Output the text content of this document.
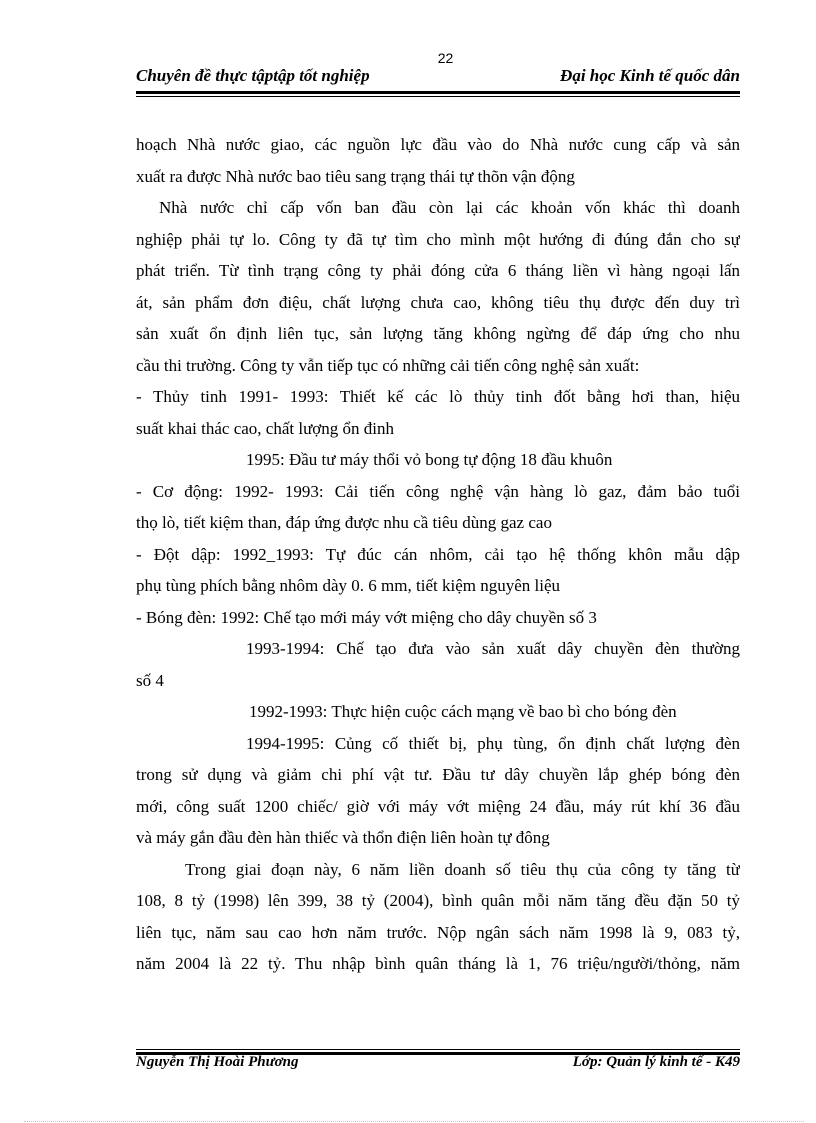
22
Chuyên đề thực tậptập tốt nghiệp	Đại học Kinh tế quốc dân
hoạch Nhà nước giao, các nguồn lực đầu vào do Nhà nước cung cấp và sản
xuất ra được Nhà nước bao tiêu sang trạng thái tự thõn vận động
Nhà nước chỉ cấp vốn ban đầu còn lại các khoản vốn khác thì doanh
nghiệp phải tự lo. Công ty đã tự tìm cho mình một hướng đi đúng đắn cho sự
phát triển. Từ tình trạng công ty phải đóng cửa 6 tháng liền vì hàng ngoại lấn
át, sản phẩm đơn điệu, chất lượng chưa cao, không tiêu thụ được đến duy trì
sản xuất ổn định liên tục, sản lượng tăng không ngừng để đáp ứng cho nhu
cầu thi trường. Công ty vẫn tiếp tục có những cải tiến công nghệ sản xuất:
- Thủy tinh 1991- 1993: Thiết kế các lò thủy tinh đốt bằng hơi than, hiệu
suất khai thác cao, chất lượng ổn đinh
1995: Đầu tư máy thổi vỏ bong tự động 18 đầu khuôn
- Cơ động: 1992- 1993: Cải tiến công nghệ vận hàng lò gaz, đảm bảo tuổi
thọ lò, tiết kiệm than, đáp ứng được nhu cầ tiêu dùng gaz cao
- Đột dập: 1992_1993: Tự đúc cán nhôm, cải tạo hệ thống khôn mẫu dập
phụ tùng phích bằng nhôm dày 0. 6 mm, tiết kiệm nguyên liệu
- Bóng đèn: 1992: Chế tạo mới máy vớt miệng cho dây chuyền số 3
1993-1994: Chế tạo đưa vào sản xuất dây chuyền đèn thường
số 4
1992-1993: Thực hiện cuộc cách mạng về bao bì cho bóng đèn
1994-1995: Củng cố thiết bị, phụ tùng, ổn định chất lượng đèn
trong sử dụng và giảm chi phí vật tư. Đầu tư dây chuyền lắp ghép bóng đèn
mới, công suất 1200 chiếc/ giờ với máy vớt miệng 24 đầu, máy rút khí 36 đầu
và máy gắn đầu đèn hàn thiếc và thổn điện liên hoàn tự đông
Trong giai đoạn này, 6 năm liền doanh số tiêu thụ của công ty tăng từ
108, 8 tỷ (1998) lên 399, 38 tỷ (2004), bình quân mỗi năm tăng đều đặn 50 tỷ
liên tục, năm sau cao hơn năm trước. Nộp ngân sách năm 1998 là 9, 083 tỷ,
năm 2004 là 22 tỷ. Thu nhập bình quân tháng là 1, 76 triệu/người/thỏng, năm
Nguyễn Thị Hoài Phương	Lớp: Quản lý kinh tế - K49
